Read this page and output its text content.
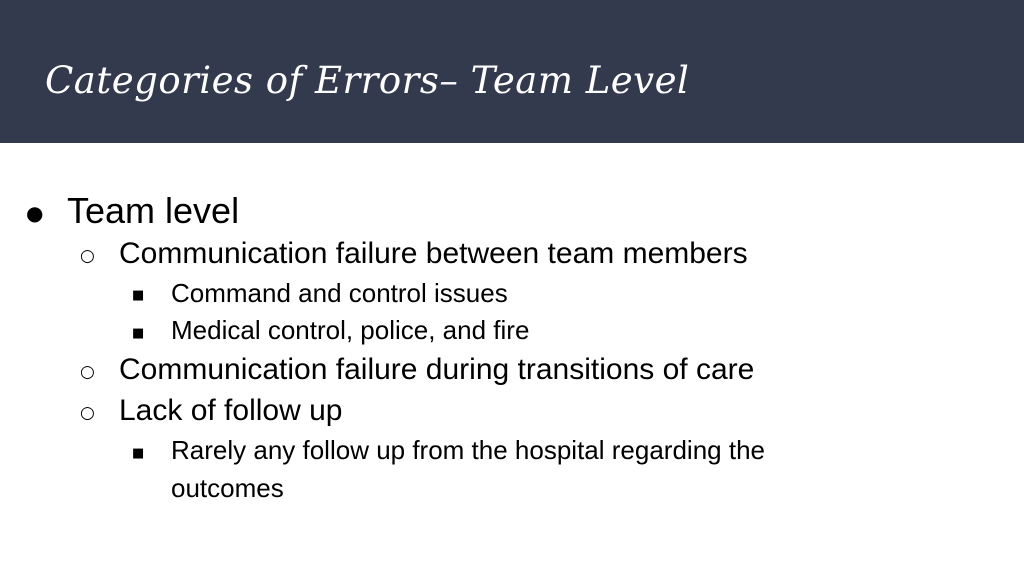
Categories of Errors– Team Level
● Team level
○ Communication failure between team members
■ Command and control issues
■ Medical control, police, and fire
○ Communication failure during transitions of care
○ Lack of follow up
■ Rarely any follow up from the hospital regarding the
outcomes
